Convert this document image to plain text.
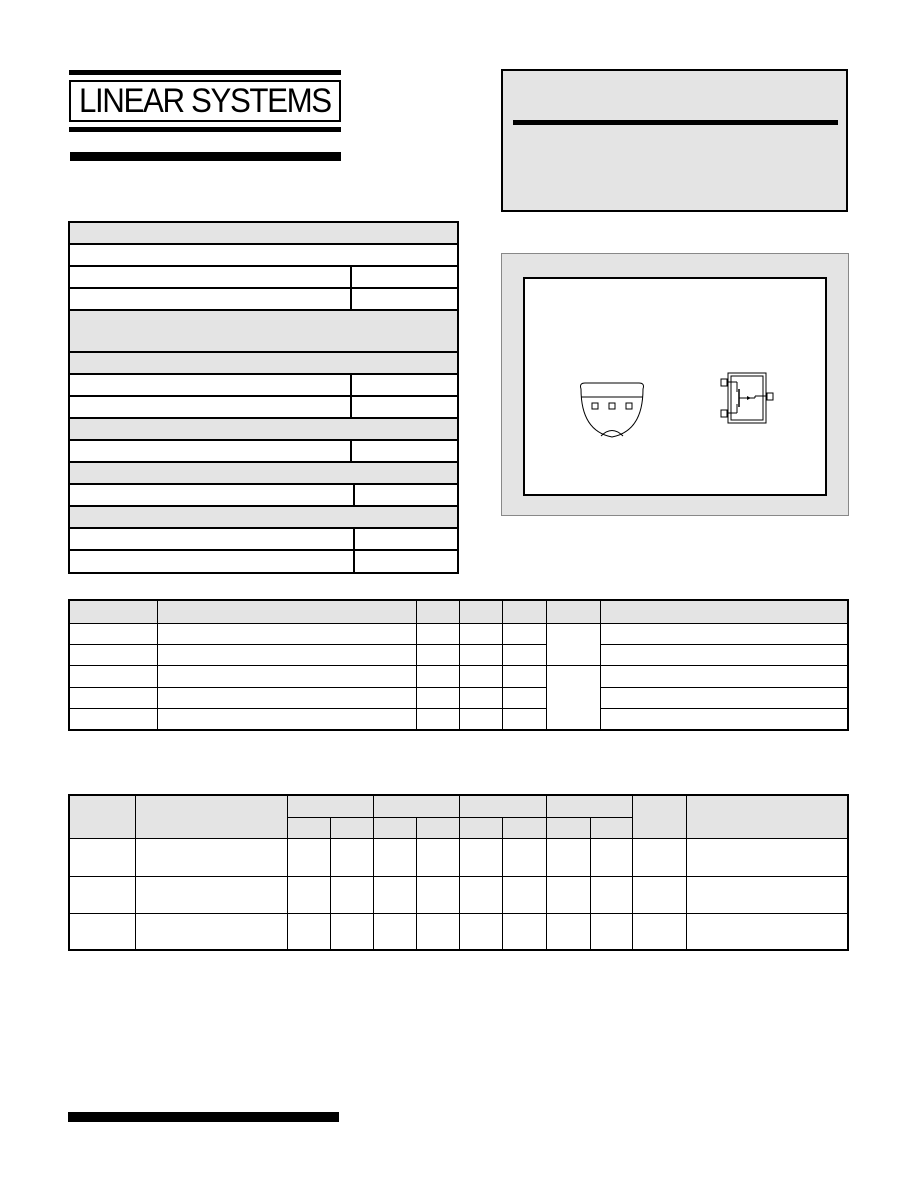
LINEAR SYSTEMS
